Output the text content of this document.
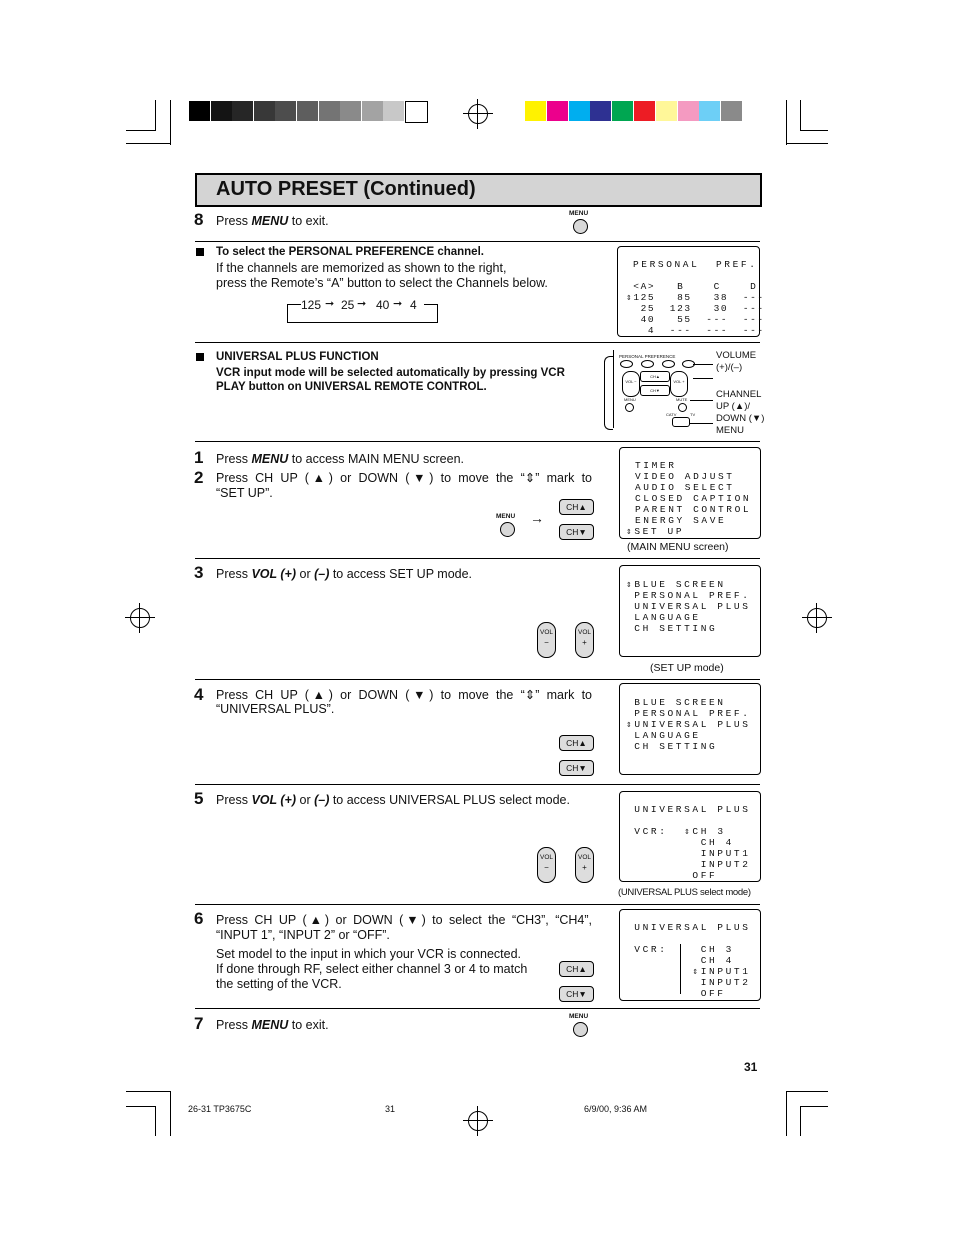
AUTO PRESET (Continued)
8 Press MENU to exit.
MENU
To select the PERSONAL PREFERENCE channel.
If the channels are memorized as shown to the right,
press the Remote’s “A” button to select the Channels below.
125 ➞ 25 ➞ 40 ➞ 4
PERSONAL  PREF.
<A>   B    C    D
⇕125   85   38  ---
25  123   30  ---
40   55  ---  ---
4  ---  ---  ---
UNIVERSAL PLUS FUNCTION
VCR input mode will be selected automatically by pressing VCR
PLAY button on UNIVERSAL REMOTE CONTROL.
PERSONAL PREFERENCE
VOL −	VOL +
CH▲
CH▼
MENU	MUTE
CATV	TV
VOLUME
(+)/(–)
CHANNEL
UP (▲)/
DOWN (▼)
MENU
1 Press MENU to access MAIN MENU screen.
2 Press CH UP (▲) or DOWN (▼) to move the “⇕” mark to
“SET UP”.
MENU →
CH▲
CH▼
TIMER
VIDEO ADJUST
AUDIO SELECT
CLOSED CAPTION
PARENT CONTROL
ENERGY SAVE
⇕SET UP
(MAIN MENU screen)
3 Press VOL (+) or (–) to access SET UP mode.
VOL
−
VOL
+
⇕BLUE SCREEN
PERSONAL PREF.
UNIVERSAL PLUS
LANGUAGE
CH SETTING
(SET UP mode)
4 Press CH UP (▲) or DOWN (▼) to move the “⇕” mark to
“UNIVERSAL PLUS”.
CH▲
CH▼
BLUE SCREEN
PERSONAL PREF.
⇕UNIVERSAL PLUS
LANGUAGE
CH SETTING
5 Press VOL (+) or (–) to access UNIVERSAL PLUS select mode.
VOL
−
VOL
+
UNIVERSAL PLUS
VCR:  ⇕CH 3
CH 4
INPUT1
INPUT2
OFF
(UNIVERSAL PLUS select mode)
6 Press CH UP (▲) or DOWN (▼) to select the “CH3”, “CH4”,
“INPUT 1”, “INPUT 2” or “OFF”.
Set model to the input in which your VCR is connected.
If done through RF, select either channel 3 or 4 to match
the setting of the VCR.
CH▲
CH▼
UNIVERSAL PLUS
VCR:    CH 3
CH 4
⇕INPUT1
INPUT2
OFF
7 Press MENU to exit.
MENU
31
26-31 TP3675C	31	6/9/00, 9:36 AM
